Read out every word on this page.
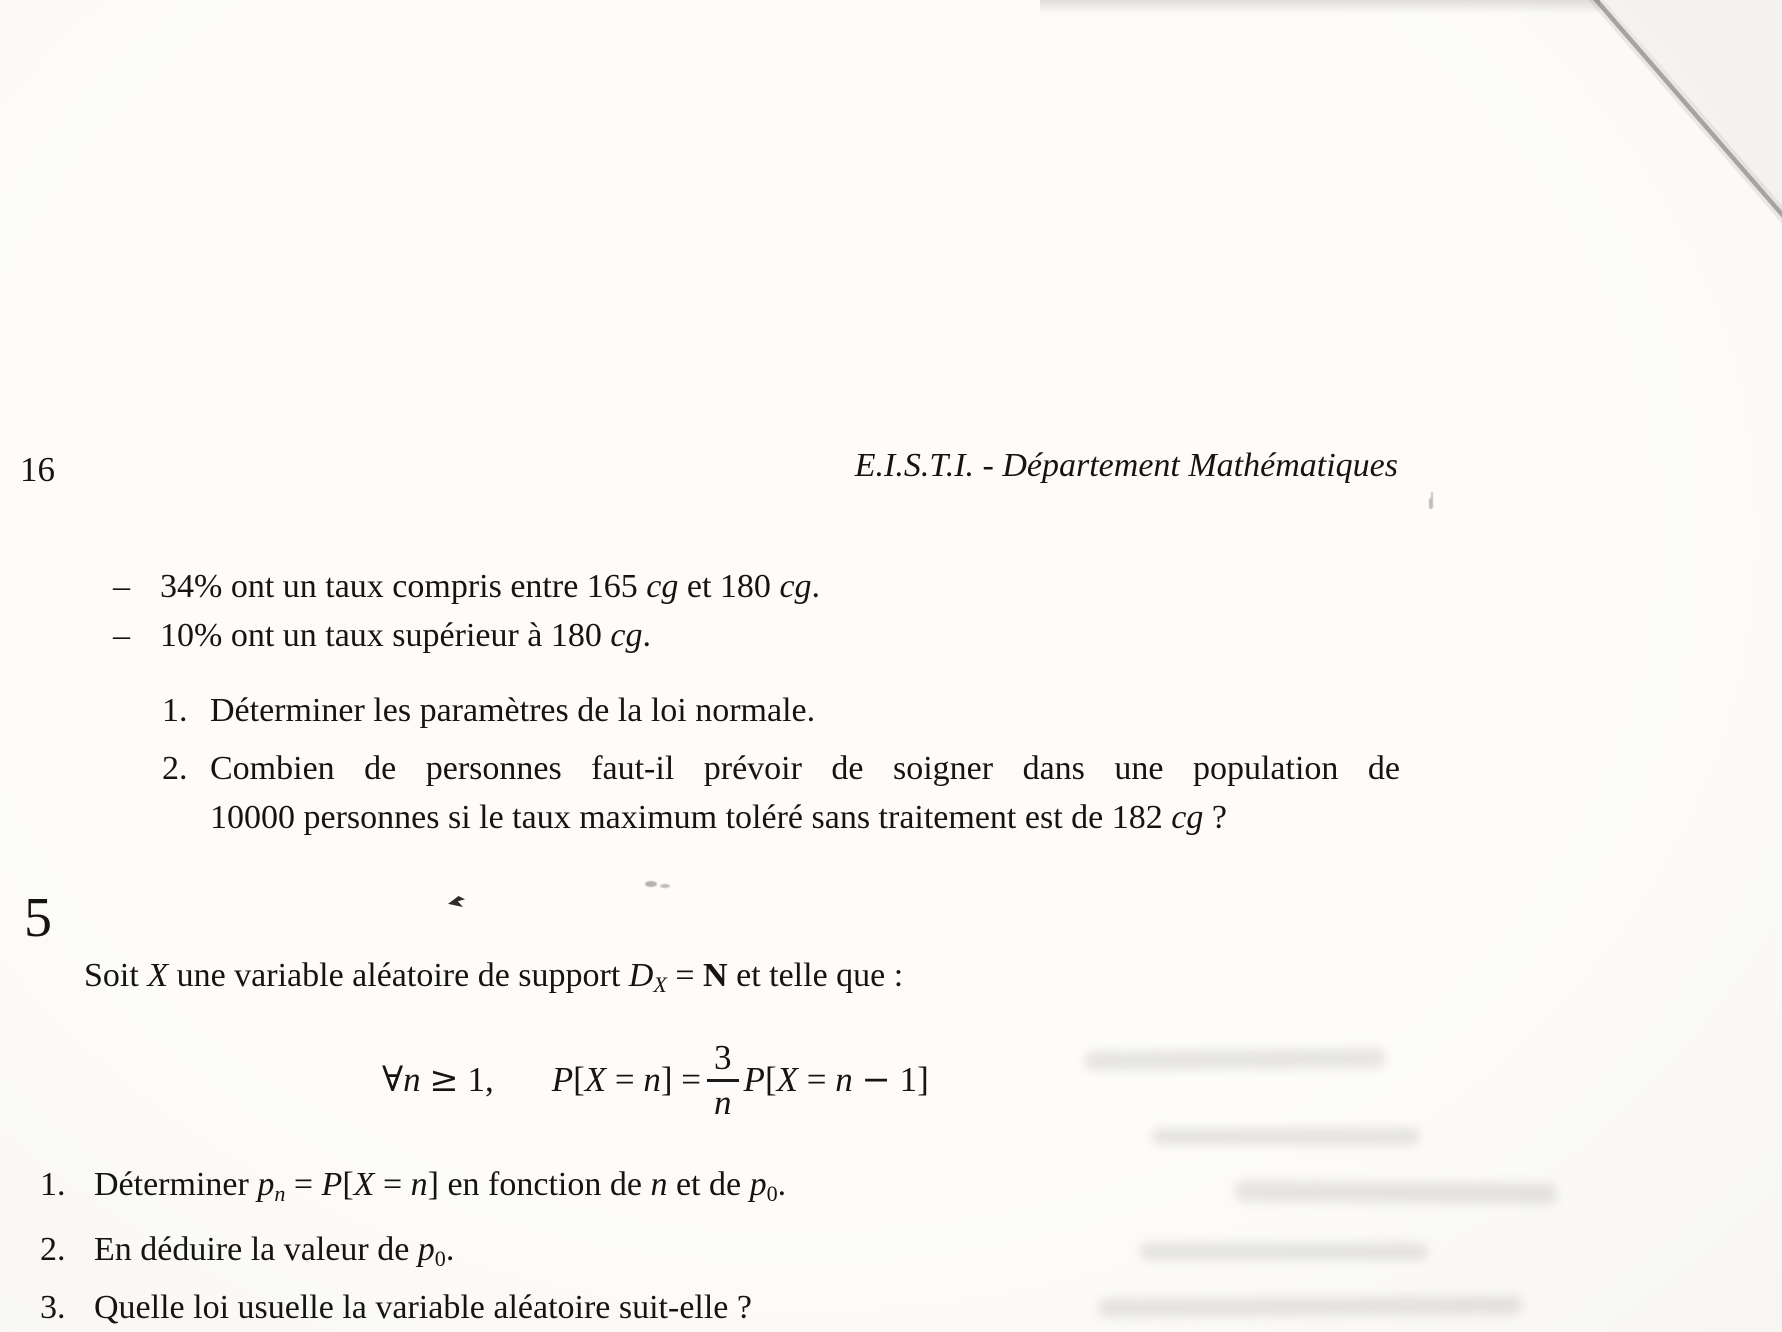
16	E.I.S.T.I. - Département Mathématiques
– 34% ont un taux compris entre 165 cg et 180 cg.
– 10% ont un taux supérieur à 180 cg.
1. Déterminer les paramètres de la loi normale.
2. Combien de personnes faut-il prévoir de soigner dans une population de
10000 personnes si le taux maximum toléré sans traitement est de 182 cg ?
5
Soit X une variable aléatoire de support DX = N et telle que :
∀n ≥ 1, $P[X = n] = \frac{3}{n} P[X = n - 1]$
1. Déterminer pn = P[X = n] en fonction de n et de p0.
2. En déduire la valeur de p0.
3. Quelle loi usuelle la variable aléatoire suit-elle ?
